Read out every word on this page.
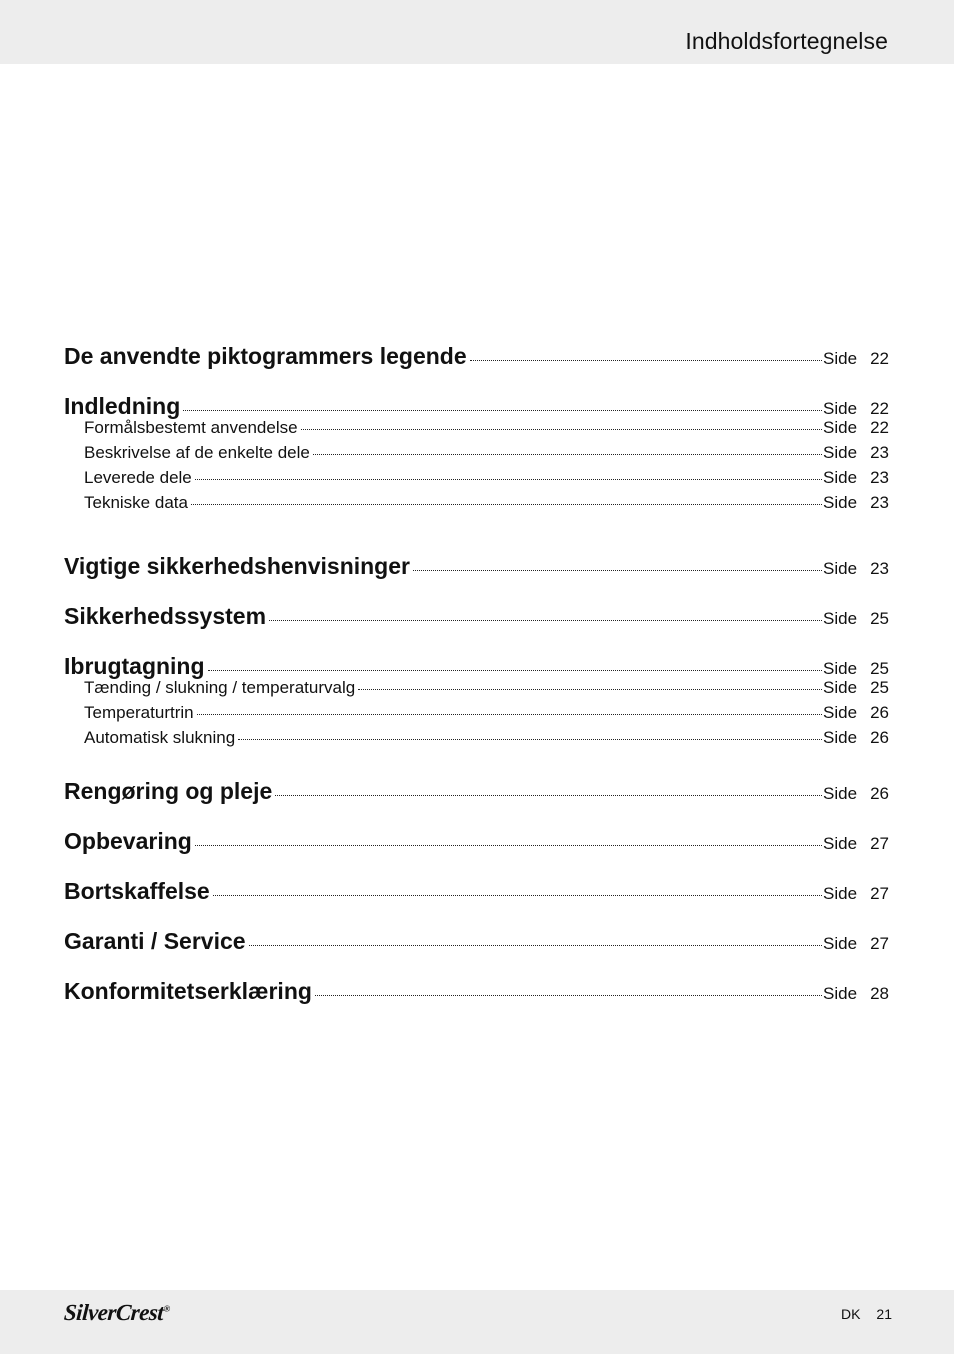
Indholdsfortegnelse
De anvendte piktogrammers legende	Side 22
Indledning	Side 22
Formålsbestemt anvendelse	Side 22
Beskrivelse af de enkelte dele	Side 23
Leverede dele	Side 23
Tekniske data	Side 23
Vigtige sikkerhedshenvisninger	Side 23
Sikkerhedssystem	Side 25
Ibrugtagning	Side 25
Tænding / slukning / temperaturvalg	Side 25
Temperaturtrin	Side 26
Automatisk slukning	Side 26
Rengøring og pleje	Side 26
Opbevaring	Side 27
Bortskaffelse	Side 27
Garanti / Service	Side 27
Konformitetserklæring	Side 28
SilverCrest®	DK 21
